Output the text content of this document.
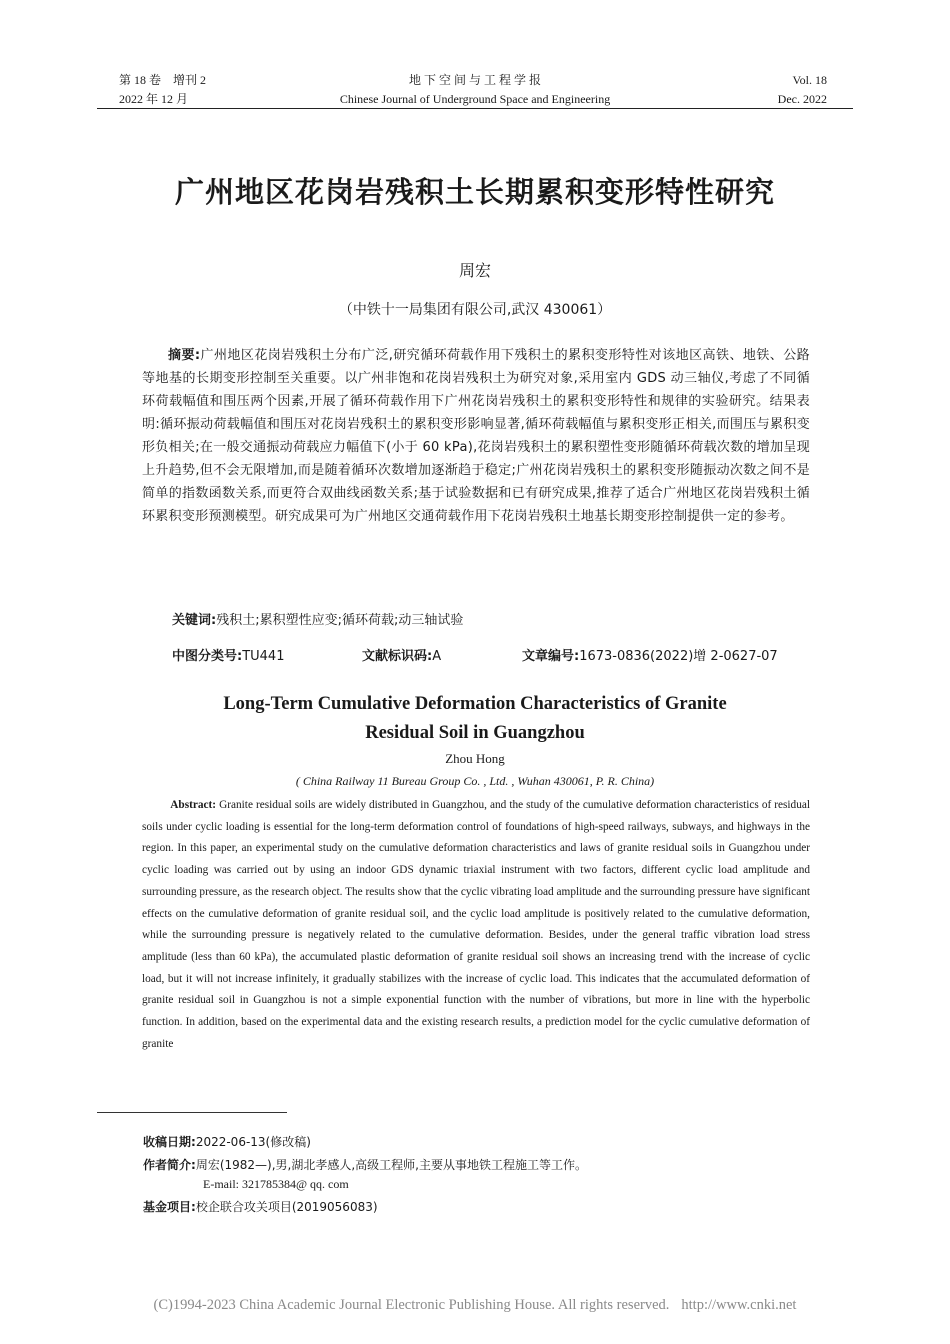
第 18 卷　增刊 2
2022 年 12 月
地 下 空 间 与 工 程 学 报
Chinese Journal of Underground Space and Engineering
Vol. 18
Dec. 2022
广州地区花岗岩残积土长期累积变形特性研究
周宏
（中铁十一局集团有限公司,武汉 430061）
摘要:广州地区花岗岩残积土分布广泛,研究循环荷载作用下残积土的累积变形特性对该地区高铁、地铁、公路等地基的长期变形控制至关重要。以广州非饱和花岗岩残积土为研究对象,采用室内 GDS 动三轴仪,考虑了不同循环荷载幅值和围压两个因素,开展了循环荷载作用下广州花岗岩残积土的累积变形特性和规律的实验研究。结果表明:循环振动荷载幅值和围压对花岗岩残积土的累积变形影响显著,循环荷载幅值与累积变形正相关,而围压与累积变形负相关;在一般交通振动荷载应力幅值下(小于 60 kPa),花岗岩残积土的累积塑性变形随循环荷载次数的增加呈现上升趋势,但不会无限增加,而是随着循环次数增加逐渐趋于稳定;广州花岗岩残积土的累积变形随振动次数之间不是简单的指数函数关系,而更符合双曲线函数关系;基于试验数据和已有研究成果,推荐了适合广州地区花岗岩残积土循环累积变形预测模型。研究成果可为广州地区交通荷载作用下花岗岩残积土地基长期变形控制提供一定的参考。
关键词:残积土;累积塑性应变;循环荷载;动三轴试验
中图分类号:TU441	文献标识码:A	文章编号:1673-0836(2022)增 2-0627-07
Long-Term Cumulative Deformation Characteristics of Granite
Residual Soil in Guangzhou
Zhou Hong
( China Railway 11 Bureau Group Co. , Ltd. , Wuhan 430061, P. R. China)
Abstract: Granite residual soils are widely distributed in Guangzhou, and the study of the cumulative deformation characteristics of residual soils under cyclic loading is essential for the long-term deformation control of foundations of high-speed railways, subways, and highways in the region. In this paper, an experimental study on the cumulative deformation characteristics and laws of granite residual soils in Guangzhou under cyclic loading was carried out by using an indoor GDS dynamic triaxial instrument with two factors, different cyclic load amplitude and surrounding pressure, as the research object. The results show that the cyclic vibrating load amplitude and the surrounding pressure have significant effects on the cumulative deformation of granite residual soil, and the cyclic load amplitude is positively related to the cumulative deformation, while the surrounding pressure is negatively related to the cumulative deformation. Besides, under the general traffic vibration load stress amplitude (less than 60 kPa), the accumulated plastic deformation of granite residual soil shows an increasing trend with the increase of cyclic load, but it will not increase infinitely, it gradually stabilizes with the increase of cyclic load. This indicates that the accumulated deformation of granite residual soil in Guangzhou is not a simple exponential function with the number of vibrations, but more in line with the hyperbolic function. In addition, based on the experimental data and the existing research results, a prediction model for the cyclic cumulative deformation of granite
收稿日期:2022-06-13(修改稿)
作者简介:周宏(1982—),男,湖北孝感人,高级工程师,主要从事地铁工程施工等工作。
E-mail: 321785384@ qq. com
基金项目:校企联合攻关项目(2019056083)
(C)1994-2023 China Academic Journal Electronic Publishing House. All rights reserved. http://www.cnki.net
